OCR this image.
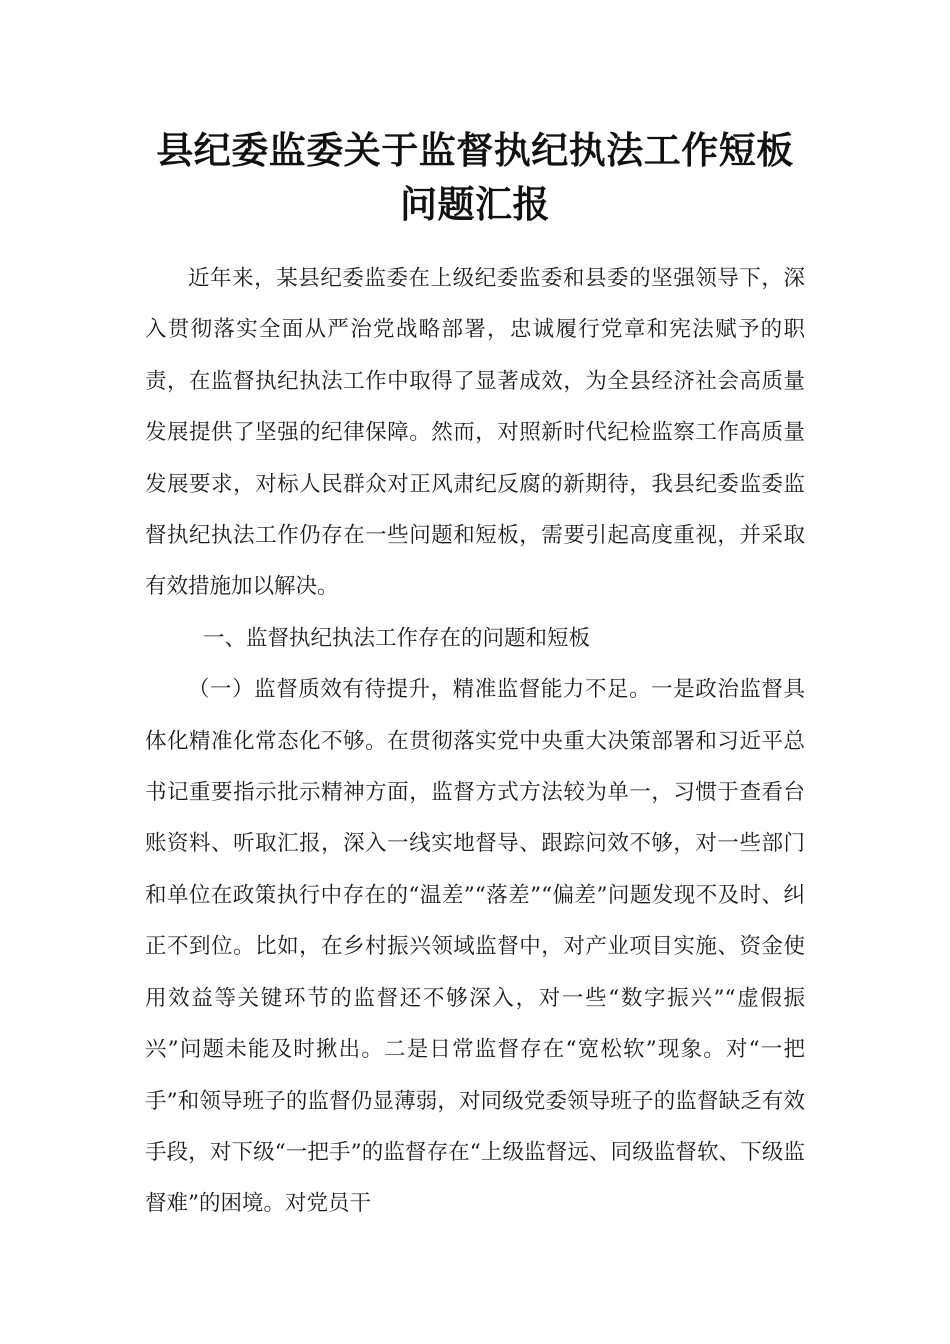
县纪委监委关于监督执纪执法工作短板问题汇报

近年来，某县纪委监委在上级纪委监委和县委的坚强领导下，深入贯彻落实全面从严治党战略部署，忠诚履行党章和宪法赋予的职责，在监督执纪执法工作中取得了显著成效，为全县经济社会高质量发展提供了坚强的纪律保障。然而，对照新时代纪检监察工作高质量发展要求，对标人民群众对正风肃纪反腐的新期待，我县纪委监委监督执纪执法工作仍存在一些问题和短板，需要引起高度重视，并采取有效措施加以解决。

一、监督执纪执法工作存在的问题和短板

（一）监督质效有待提升，精准监督能力不足。一是政治监督具体化精准化常态化不够。在贯彻落实党中央重大决策部署和习近平总书记重要指示批示精神方面，监督方式方法较为单一，习惯于查看台账资料、听取汇报，深入一线实地督导、跟踪问效不够，对一些部门和单位在政策执行中存在的“温差”“落差”“偏差”问题发现不及时、纠正不到位。比如，在乡村振兴领域监督中，对产业项目实施、资金使用效益等关键环节的监督还不够深入，对一些“数字振兴”“虚假振兴”问题未能及时揪出。二是日常监督存在“宽松软”现象。对“一把手”和领导班子的监督仍显薄弱，对同级党委领导班子的监督缺乏有效手段，对下级“一把手”的监督存在“上级监督远、同级监督软、下级监督难”的困境。对党员干
